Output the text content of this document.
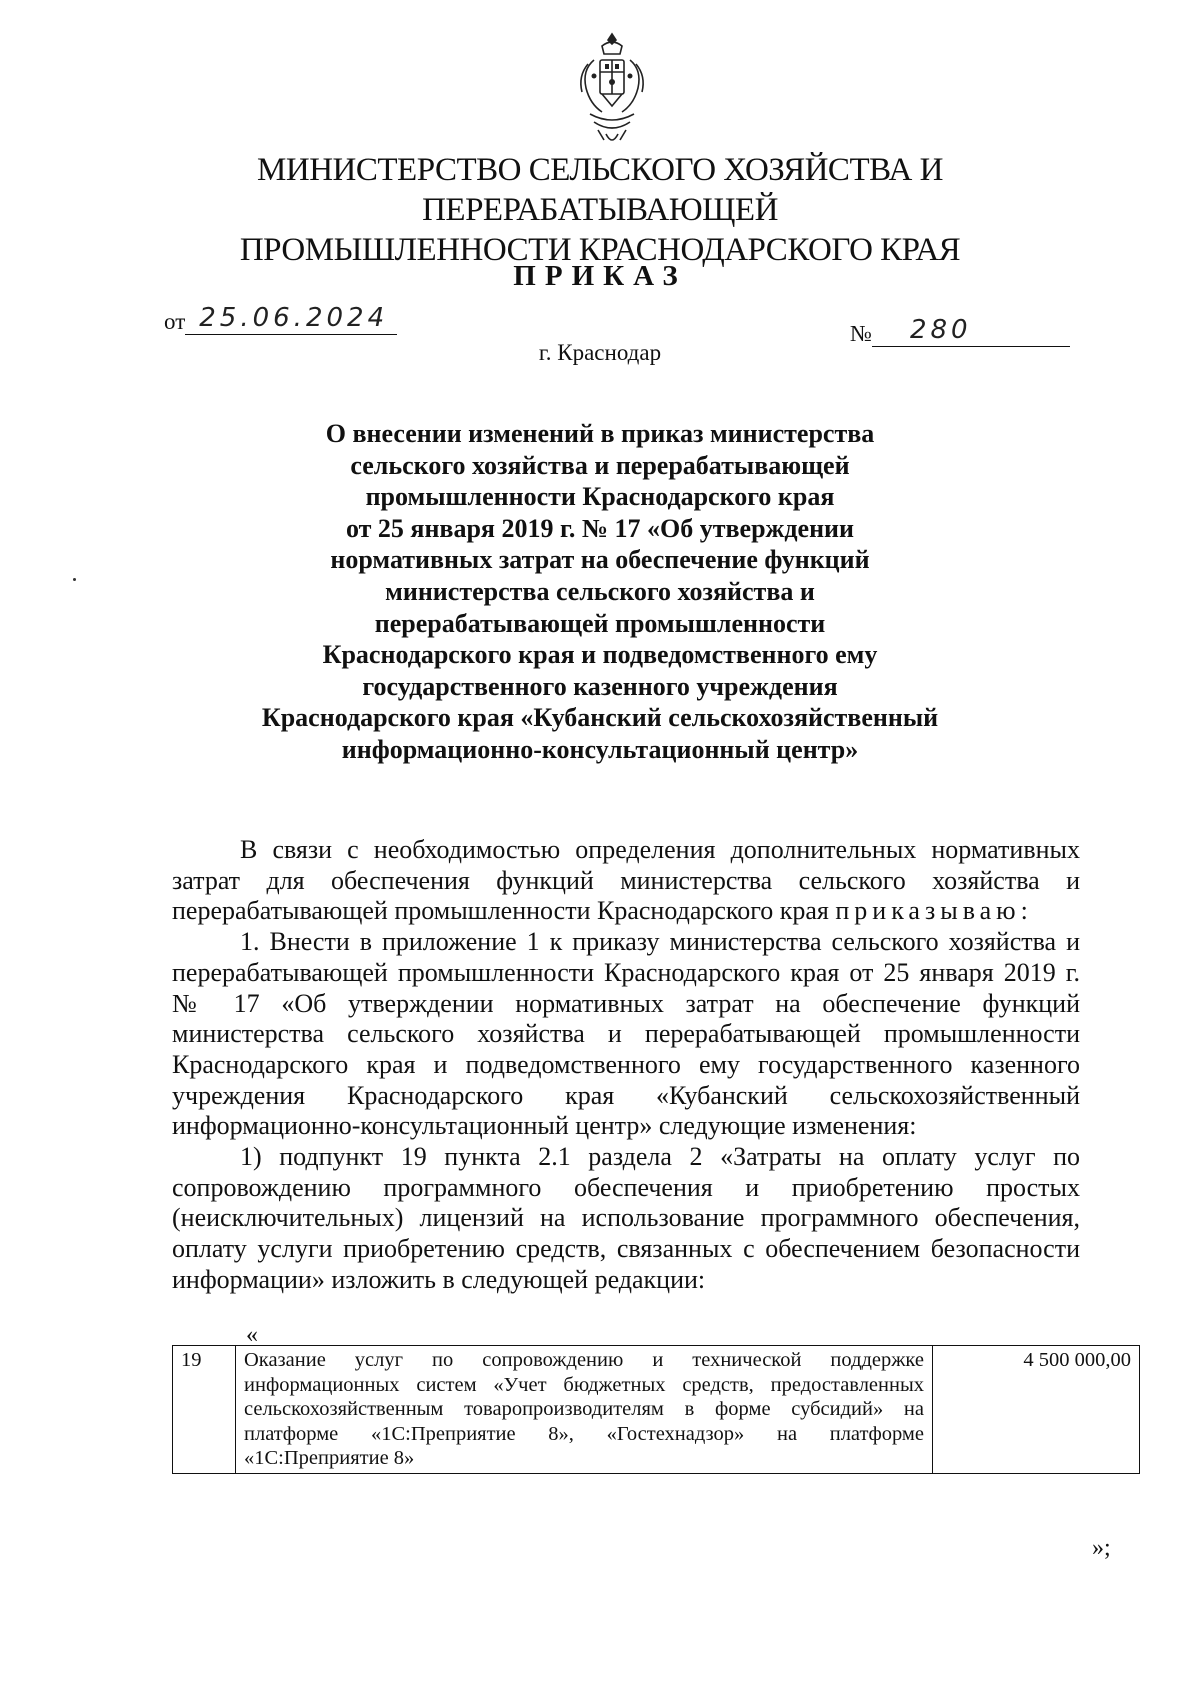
МИНИСТЕРСТВО СЕЛЬСКОГО ХОЗЯЙСТВА И ПЕРЕРАБАТЫВАЮЩЕЙ
ПРОМЫШЛЕННОСТИ КРАСНОДАРСКОГО КРАЯ
ПРИКАЗ
от 25.06.2024
№ 280
г. Краснодар
О внесении изменений в приказ министерства
сельского хозяйства и перерабатывающей
промышленности Краснодарского края
от 25 января 2019 г. № 17 «Об утверждении
нормативных затрат на обеспечение функций
министерства сельского хозяйства и
перерабатывающей промышленности
Краснодарского края и подведомственного ему
государственного казенного учреждения
Краснодарского края «Кубанский сельскохозяйственный
информационно-консультационный центр»

В связи с необходимостью определения дополнительных нормативных затрат для обеспечения функций министерства сельского хозяйства и перерабатывающей промышленности Краснодарского края приказываю:

1. Внести в приложение 1 к приказу министерства сельского хозяйства и перерабатывающей промышленности Краснодарского края от 25 января 2019 г. № 17 «Об утверждении нормативных затрат на обеспечение функций министерства сельского хозяйства и перерабатывающей промышленности Краснодарского края и подведомственного ему государственного казенного учреждения Краснодарского края «Кубанский сельскохозяйственный информационно-консультационный центр» следующие изменения:

1) подпункт 19 пункта 2.1 раздела 2 «Затраты на оплату услуг по сопровождению программного обеспечения и приобретению простых (неисключительных) лицензий на использование программного обеспечения, оплату услуги приобретению средств, связанных с обеспечением безопасности информации» изложить в следующей редакции:

«
19	Оказание услуг по сопровождению и технической поддержке информационных систем «Учет бюджетных средств, предоставленных сельскохозяйственным товаропроизводителям в форме субсидий» на платформе «1С:Преприятие 8», «Гостехнадзор» на платформе «1С:Преприятие 8»	4 500 000,00
»;
